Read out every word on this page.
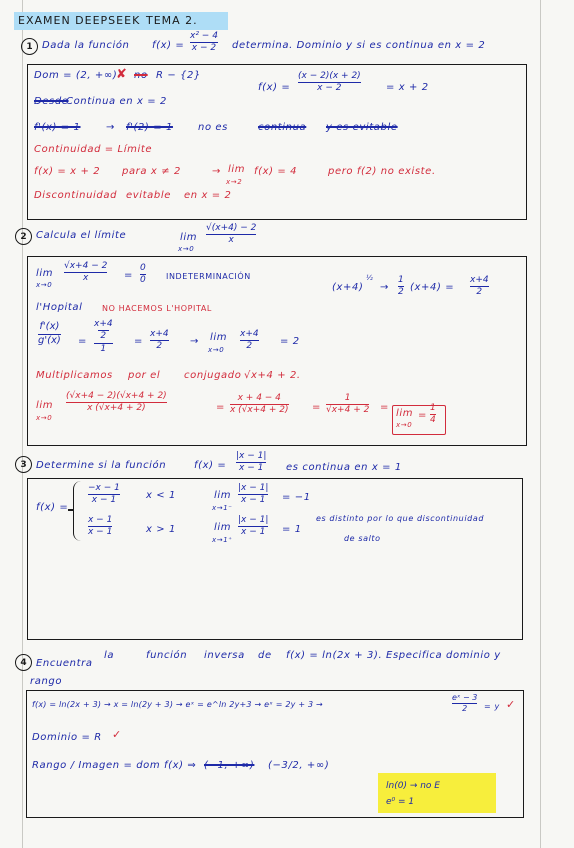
EXAMEN DEEPSEEK TEMA 2.
1 Dada la función f(x) =
x² − 4
x − 2 determina. Dominio y si es continua en x = 2
Dom = (2, +∞)
✘ no R − {2}
f(x) =
(x − 2)(x + 2)
x − 2	= x + 2
Desde
Continua en x = 2
f'(x) = 1	→ f'(2) = 1	no es	continua y es evitable
Continuidad = Límite
f(x) = x + 2 para x ≠ 2	→ lim
x→2
f(x) = 4	pero f(2) no existe.
Discontinuidad evitable en x = 2
2 Calcula el límite	lim
x→0
√(x+4) − 2
x
lim
x→0
√x+4 − 2
x	=
0
0	INDETERMINACIÓN
(x+4)
½
→
1
2 (x+4) =
x+4
2
l'Hopital NO HACEMOS L'HOPITAL
f'(x)
g'(x) =
x+4
2
1
=
x+4
2	→ lim
x→0
x+4
2	= 2
Multiplicamos por el conjugado √x+4 + 2.
lim
x→0
(√x+4 − 2)(√x+4 + 2)
x (√x+4 + 2)	=
x + 4 − 4
x (√x+4 + 2) =
1
√x+4 + 2 =
lim
x→0
=
1
4
3 Determine si la función	f(x) =
|x − 1|
x − 1 es continua en x = 1
f(x) =
−x − 1
x − 1	x < 1
x − 1
x − 1	x > 1
lim
x→1⁻
|x − 1|
x − 1 = −1
lim
x→1⁺
|x − 1|
x − 1 = 1
es distinto por lo que discontinuidad
de salto
4 Encuentra
la	función inversa de f(x) = ln(2x + 3). Especifica dominio y
rango
f(x) = ln(2x + 3) → x = ln(2y + 3) → eˣ = e^ln 2y+3 → eˣ = 2y + 3 →
eˣ − 3
2 = y ✓
Dominio = R ✓
Rango / Imagen = dom f(x) ⇒ (−1, +∞) (−3/2, +∞)
ln(0) → no E
e⁰ = 1
